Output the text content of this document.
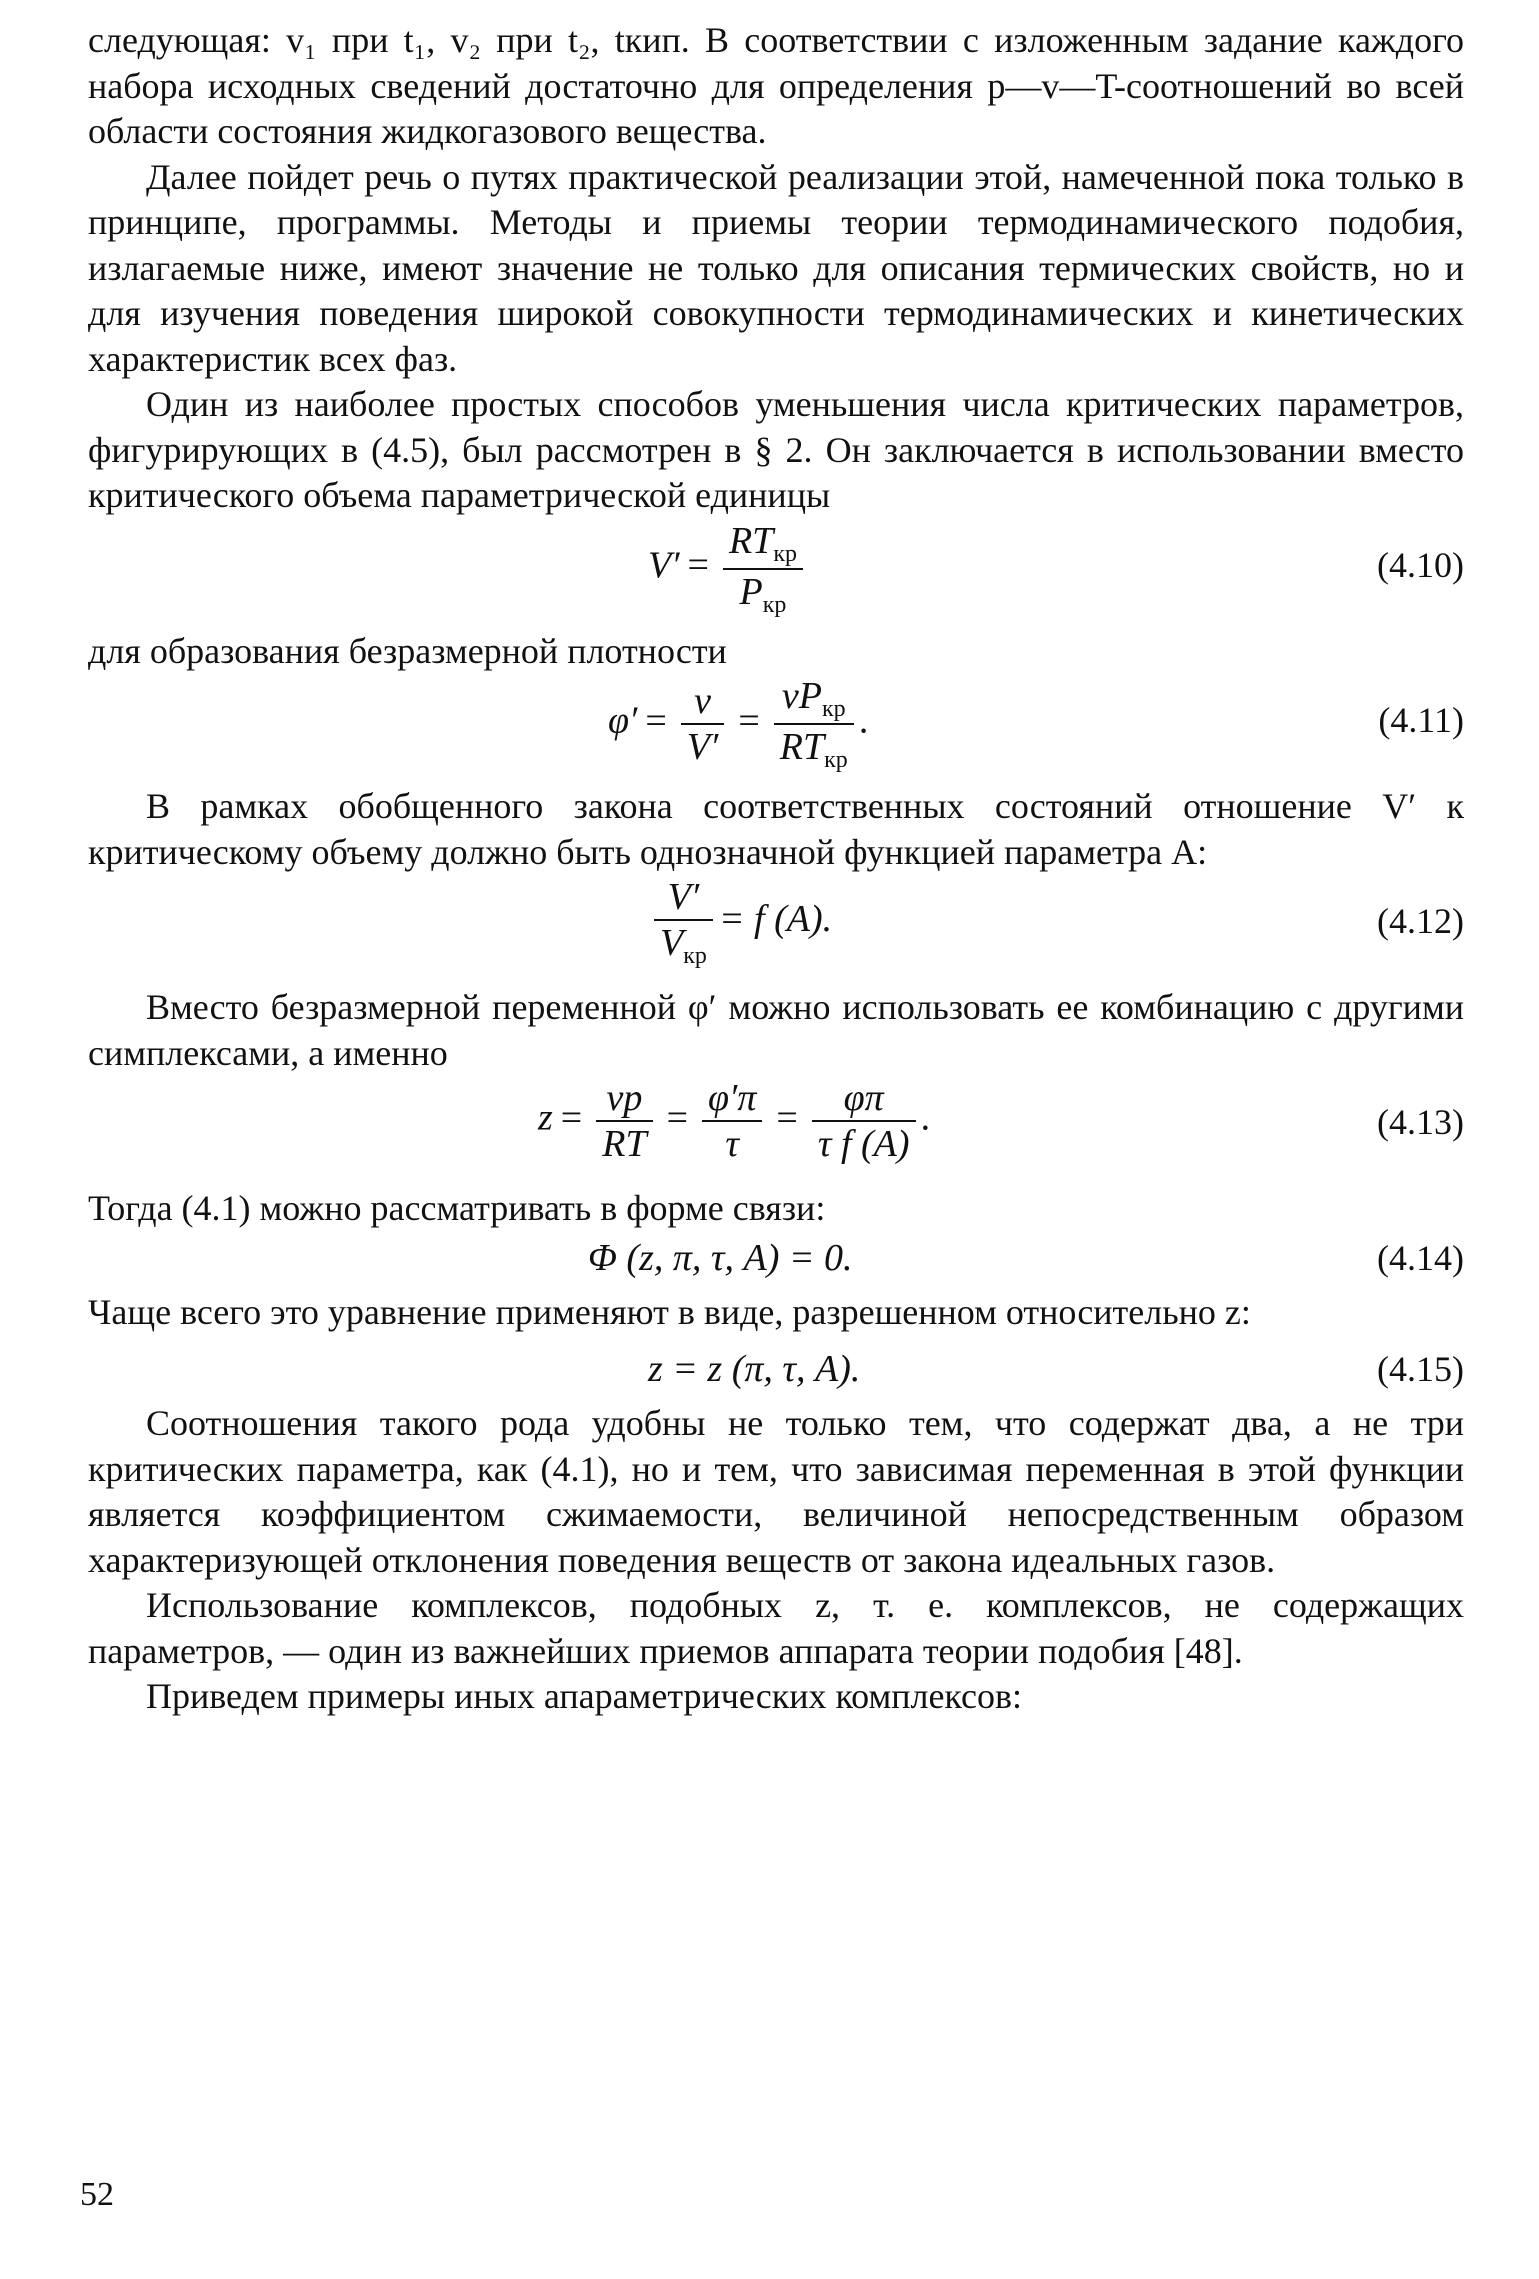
следующая: v₁ при t₁, v₂ при t₂, tкип. В соответствии с изложенным задание каждого набора исходных сведений достаточно для определения p—v—T-соотношений во всей области состояния жидкогазового вещества.

Далее пойдет речь о путях практической реализации этой, намеченной пока только в принципе, программы. Методы и приемы теории термодинамического подобия, излагаемые ниже, имеют значение не только для описания термических свойств, но и для изучения поведения широкой совокупности термодинамических и кинетических характеристик всех фаз.

Один из наиболее простых способов уменьшения числа критических параметров, фигурирующих в (4.5), был рассмотрен в § 2. Он заключается в использовании вместо критического объема параметрической единицы

$V' = \frac{RT_{кр}}{P_{кр}}$	(4.10)

для образования безразмерной плотности

$\varphi' = \frac{v}{V'} = \frac{vP_{кр}}{RT_{кр}}$ .	(4.11)

В рамках обобщенного закона соответственных состояний отношение V′ к критическому объему должно быть однозначной функцией параметра A:

$\frac{V'}{V_{кр}} = f$ (A).	(4.12)

Вместо безразмерной переменной φ′ можно использовать ее комбинацию с другими симплексами, а именно

$z = \frac{vp}{RT} = \frac{\varphi'\pi}{\tau} = \frac{\varphi\pi}{\text{τ f (A)}}$ .	(4.13)

Тогда (4.1) можно рассматривать в форме связи:

Φ (z, π, τ, A) = 0.	(4.14)

Чаще всего это уравнение применяют в виде, разрешенном относительно z:

z = z (π, τ, A).	(4.15)

Соотношения такого рода удобны не только тем, что содержат два, а не три критических параметра, как (4.1), но и тем, что зависимая переменная в этой функции является коэффициентом сжимаемости, величиной непосредственным образом характеризующей отклонения поведения веществ от закона идеальных газов.

Использование комплексов, подобных z, т. е. комплексов, не содержащих параметров, — один из важнейших приемов аппарата теории подобия [48].

Приведем примеры иных апараметрических комплексов:

52
